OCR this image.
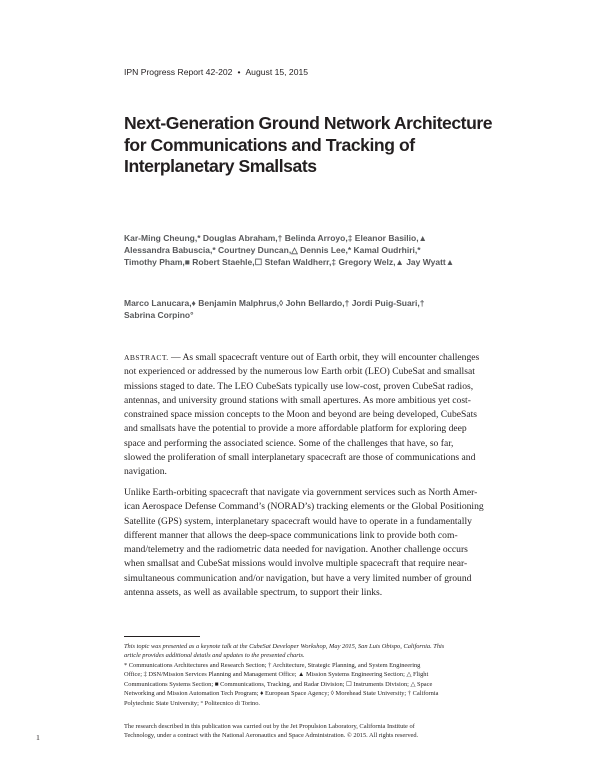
IPN Progress Report 42-202 • August 15, 2015
Next-Generation Ground Network Architecture
for Communications and Tracking of
Interplanetary Smallsats
Kar-Ming Cheung,* Douglas Abraham,† Belinda Arroyo,‡ Eleanor Basilio,▲
Alessandra Babuscia,* Courtney Duncan,△ Dennis Lee,* Kamal Oudrhiri,*
Timothy Pham,■ Robert Staehle,☐ Stefan Waldherr,‡ Gregory Welz,▲ Jay Wyatt▲
Marco Lanucara,♦ Benjamin Malphrus,◊ John Bellardo,† Jordi Puig-Suari,†
Sabrina Corpino°
ABSTRACT. — As small spacecraft venture out of Earth orbit, they will encounter challenges
not experienced or addressed by the numerous low Earth orbit (LEO) CubeSat and smallsat
missions staged to date. The LEO CubeSats typically use low-cost, proven CubeSat radios,
antennas, and university ground stations with small apertures. As more ambitious yet cost-
constrained space mission concepts to the Moon and beyond are being developed, CubeSats
and smallsats have the potential to provide a more affordable platform for exploring deep
space and performing the associated science. Some of the challenges that have, so far,
slowed the proliferation of small interplanetary spacecraft are those of communications and
navigation.
Unlike Earth-orbiting spacecraft that navigate via government services such as North Amer-
ican Aerospace Defense Command’s (NORAD’s) tracking elements or the Global Positioning
Satellite (GPS) system, interplanetary spacecraft would have to operate in a fundamentally
different manner that allows the deep-space communications link to provide both com-
mand/telemetry and the radiometric data needed for navigation. Another challenge occurs
when smallsat and CubeSat missions would involve multiple spacecraft that require near-
simultaneous communication and/or navigation, but have a very limited number of ground
antenna assets, as well as available spectrum, to support their links.
This topic was presented as a keynote talk at the CubeSat Developer Workshop, May 2015, San Luis Obispo, California. This
article provides additional details and updates to the presented charts.
* Communications Architectures and Research Section; † Architecture, Strategic Planning, and System Engineering
Office; ‡ DSN/Mission Services Planning and Management Office; ▲ Mission Systems Engineering Section; △ Flight
Communications Systems Section; ■ Communications, Tracking, and Radar Division; ☐ Instruments Division; △ Space
Networking and Mission Automation Tech Program; ♦ European Space Agency; ◊ Morehead State University; † California
Polytechnic State University; ° Politecnico di Torino.
The research described in this publication was carried out by the Jet Propulsion Laboratory, California Institute of
Technology, under a contract with the National Aeronautics and Space Administration. © 2015. All rights reserved.
1
